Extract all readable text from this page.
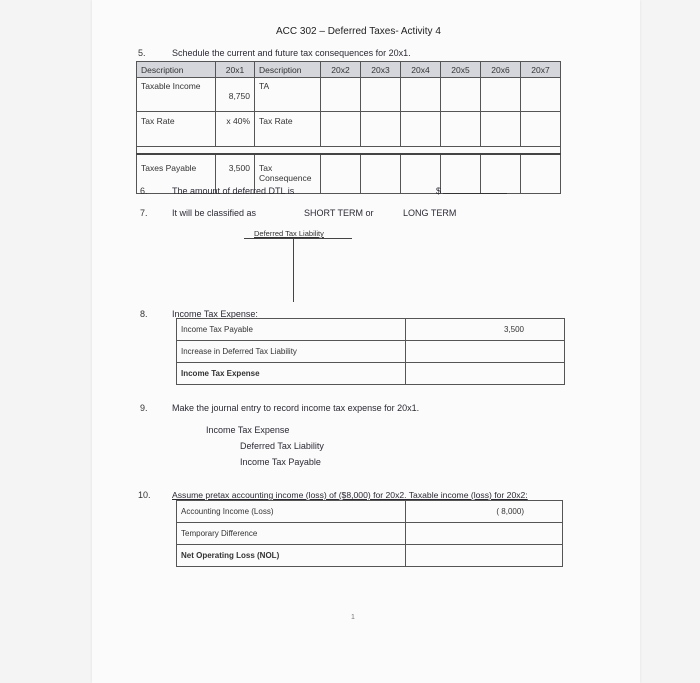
ACC 302 – Deferred Taxes- Activity 4
5.	Schedule the current and future tax consequences for 20x1.
Description	20x1	Description	20x2	20x3	20x4	20x5	20x6	20x7
Taxable Income	8,750	TA						
Tax Rate	x 40%	Tax Rate						

Taxes Payable	3,500	Tax Consequence						
6.	The amount of deferred DTL is	$
7.	It will be classified as	SHORT TERM or	LONG TERM
Deferred Tax Liability
8.	Income Tax Expense:
Income Tax Payable	3,500
Increase in Deferred Tax Liability	
Income Tax Expense	
9.	Make the journal entry to record income tax expense for 20x1.
Income Tax Expense
Deferred Tax Liability
Income Tax Payable
10. Assume pretax accounting income (loss) of ($8,000) for 20x2. Taxable income (loss) for 20x2:
Accounting Income (Loss)	( 8,000)
Temporary Difference	
Net Operating Loss (NOL)	
1
